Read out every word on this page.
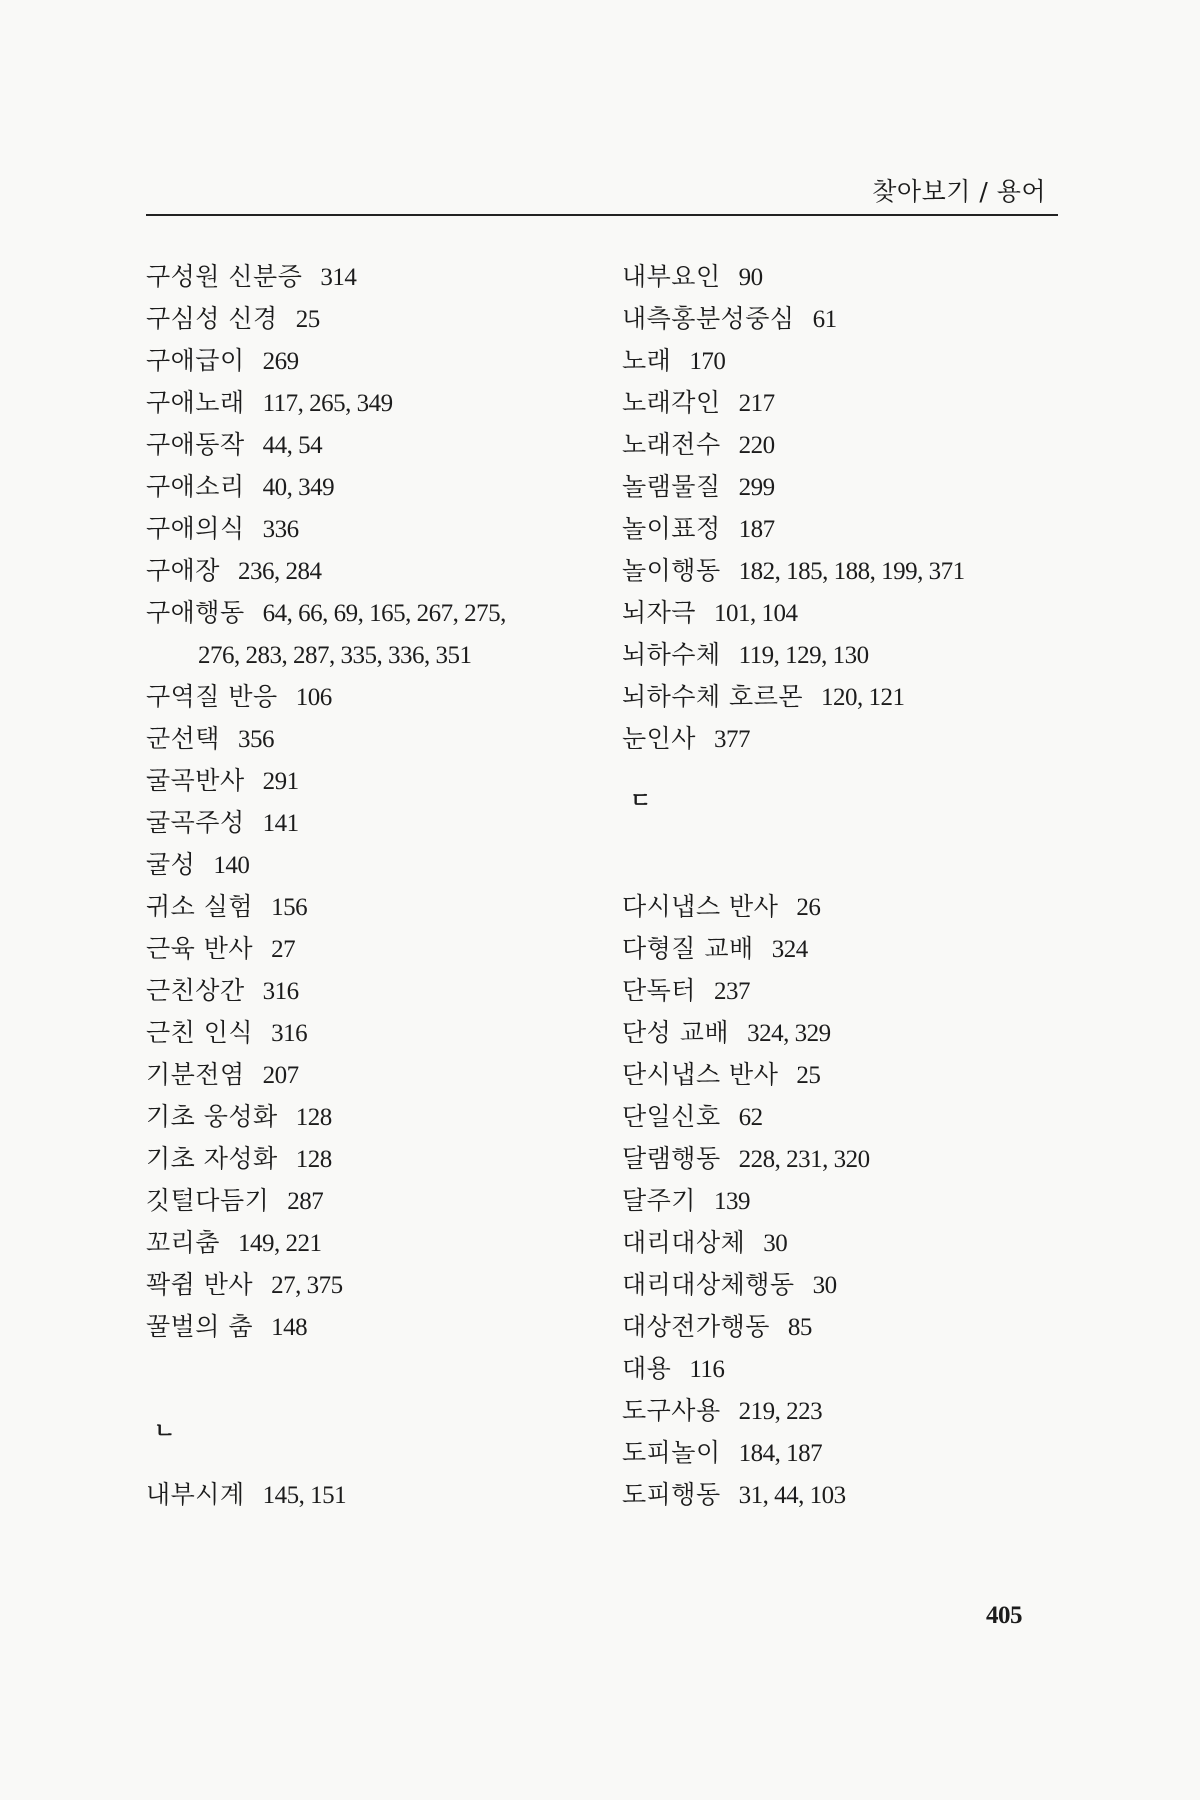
찾아보기 / 용어
구성원 신분증 314
구심성 신경 25
구애급이 269
구애노래 117, 265, 349
구애동작 44, 54
구애소리 40, 349
구애의식 336
구애장 236, 284
구애행동 64, 66, 69, 165, 267, 275,
276, 283, 287, 335, 336, 351
구역질 반응 106
군선택 356
굴곡반사 291
굴곡주성 141
굴성 140
귀소 실험 156
근육 반사 27
근친상간 316
근친 인식 316
기분전염 207
기초 웅성화 128
기초 자성화 128
깃털다듬기 287
꼬리춤 149, 221
꽉쥠 반사 27, 375
꿀벌의 춤 148
ㄴ
내부시계 145, 151
내부요인 90
내측홍분성중심 61
노래 170
노래각인 217
노래전수 220
놀램물질 299
놀이표정 187
놀이행동 182, 185, 188, 199, 371
뇌자극 101, 104
뇌하수체 119, 129, 130
뇌하수체 호르몬 120, 121
눈인사 377
ㄷ
다시냅스 반사 26
다형질 교배 324
단독터 237
단성 교배 324, 329
단시냅스 반사 25
단일신호 62
달램행동 228, 231, 320
달주기 139
대리대상체 30
대리대상체행동 30
대상전가행동 85
대용 116
도구사용 219, 223
도피놀이 184, 187
도피행동 31, 44, 103
405
